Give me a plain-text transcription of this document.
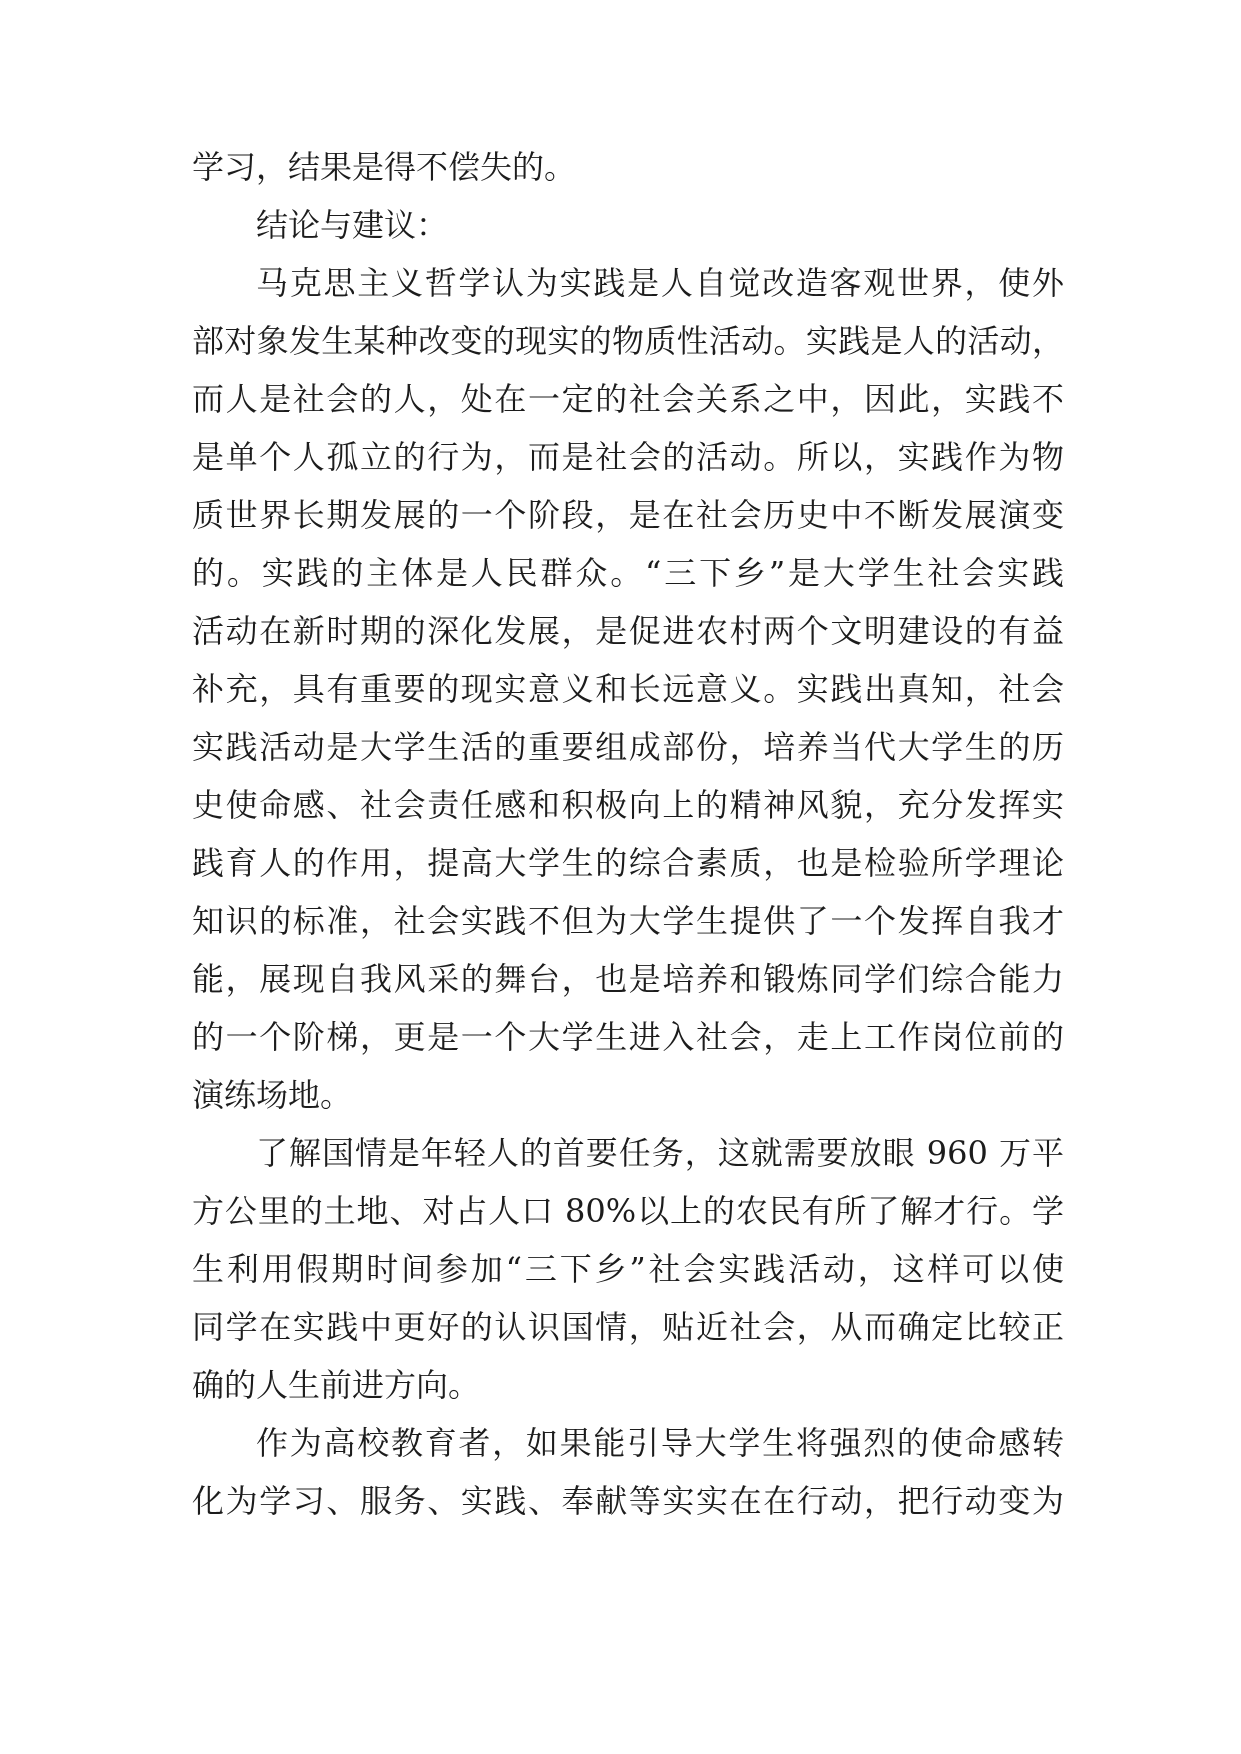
学习，结果是得不偿失的。

结论与建议：

马克思主义哲学认为实践是人自觉改造客观世界，使外

部对象发生某种改变的现实的物质性活动。实践是人的活动，

而人是社会的人，处在一定的社会关系之中，因此，实践不

是单个人孤立的行为，而是社会的活动。所以，实践作为物

质世界长期发展的一个阶段，是在社会历史中不断发展演变

的。实践的主体是人民群众。“三下乡”是大学生社会实践

活动在新时期的深化发展，是促进农村两个文明建设的有益

补充，具有重要的现实意义和长远意义。实践出真知，社会

实践活动是大学生活的重要组成部份，培养当代大学生的历

史使命感、社会责任感和积极向上的精神风貌，充分发挥实

践育人的作用，提高大学生的综合素质，也是检验所学理论

知识的标准，社会实践不但为大学生提供了一个发挥自我才

能，展现自我风采的舞台，也是培养和锻炼同学们综合能力

的一个阶梯，更是一个大学生进入社会，走上工作岗位前的

演练场地。

了解国情是年轻人的首要任务，这就需要放眼 960 万平

方公里的土地、对占人口 80%以上的农民有所了解才行。学

生利用假期时间参加“三下乡”社会实践活动，这样可以使

同学在实践中更好的认识国情，贴近社会，从而确定比较正

确的人生前进方向。

作为高校教育者，如果能引导大学生将强烈的使命感转

化为学习、服务、实践、奉献等实实在在行动，把行动变为
